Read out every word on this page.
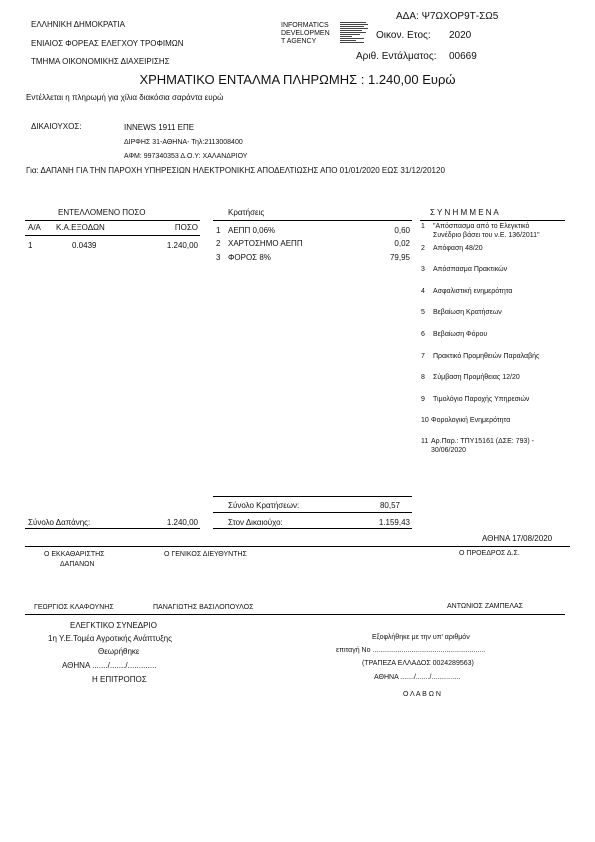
ΕΛΛΗΝΙΚΗ ΔΗΜΟΚΡΑΤΙΑ
ΕΝΙΑΙΟΣ ΦΟΡΕΑΣ ΕΛΕΓΧΟΥ ΤΡΟΦΙΜΩΝ
ΤΜΗΜΑ ΟΙΚΟΝΟΜΙΚΗΣ ΔΙΑΧΕΙΡΙΣΗΣ
INFORMATICS
DEVELOPMEN
T AGENCY
ΑΔΑ: Ψ7ΩΧΟΡ9Τ-ΣΩ5
Οικον. Ετος: 2020
Αριθ. Εντάλματος: 00669
ΧΡΗΜΑΤΙΚΟ ΕΝΤΑΛΜΑ ΠΛΗΡΩΜΗΣ : 1.240,00 Ευρώ
Εντέλλεται η πληρωμή για χίλια διακόσια σαράντα ευρώ
ΔΙΚΑΙΟΥΧΟΣ:	INNEWS 1911 ΕΠΕ
ΔΙΡΦΗΣ 31-ΑΘΗΝΑ- Τηλ:2113008400
ΑΦΜ: 997340353 Δ.Ο.Υ: ΧΑΛΑΝΔΡΙΟΥ
Για: ΔΑΠΑΝΗ ΓΙΑ ΤΗΝ ΠΑΡΟΧΗ ΥΠΗΡΕΣΙΩΝ ΗΛΕΚΤΡΟΝΙΚΗΣ ΑΠΟΔΕΛΤΙΩΣΗΣ ΑΠΟ 01/01/2020 ΕΩΣ 31/12/20120
ΕΝΤΕΛΛΟΜΕΝΟ ΠΟΣΟ
Α/Α Κ.Α.ΕΞΟΔΩΝ	ΠΟΣΟ
1	0.0439	1.240,00
Κρατήσεις
1 ΑΕΠΠ 0,06%	0,60
2 ΧΑΡΤΟΣΗΜΟ ΑΕΠΠ	0,02
3 ΦΟΡΟΣ 8%	79,95
Σ Υ Ν Η Μ Μ Ε Ν Α
1 "Απόσπασμα από το Ελεγκτικό
Συνέδριο βάσει του ν.Ε. 136/2011"
2 Απόφαση 48/20
3 Απόσπασμα Πρακτικών
4 Ασφαλιστική ενημερότητα
5 Βεβαίωση Κρατήσεων
6 Βεβαίωση Φόρου
7 Πρακτικό Προμηθειών Παραλαβής
8 Σύμβαση Προμήθειας 12/20
9 Τιμολόγιο Παροχής Υπηρεσιών
10 Φορολογική Ενημερότητα
11 Αρ.Παρ.: ΤΠΥ15161 (ΔΣΕ: 793) -
30/06/2020
Σύνολο Κρατήσεων:	80,57
Σύνολο Δαπάνης:	1.240,00	Στον Δικαιούχο:	1.159,43
ΑΘΗΝΑ 17/08/2020
Ο ΕΚΚΑΘΑΡΙΣΤΗΣ
ΔΑΠΑΝΩΝ
Ο ΓΕΝΙΚΟΣ ΔΙΕΥΘΥΝΤΗΣ	Ο ΠΡΟΕΔΡΟΣ Δ.Σ.
ΓΕΩΡΓΙΟΣ ΚΛΑΦΟΥΝΗΣ	ΠΑΝΑΓΙΩΤΗΣ ΒΑΣΙΛΟΠΟΥΛΟΣ	ΑΝΤΩΝΙΟΣ ΖΑΜΠΕΛΑΣ
ΕΛΕΓΚΤΙΚΟ ΣΥΝΕΔΡΙΟ
1η Υ.Ε.Τομέα Αγροτικής Ανάπτυξης
Θεωρήθηκε
ΑΘΗΝΑ ......./......./.............
Η ΕΠΙΤΡΟΠΟΣ
Εξοφλήθηκε με την υπ' αριθμόν
επιταγή Νο ..........................................................
(ΤΡΑΠΕΖΑ ΕΛΛΑΔΟΣ 0024289563)
ΑΘΗΝΑ ......./......./...............
Ο Λ Α Β Ω Ν
